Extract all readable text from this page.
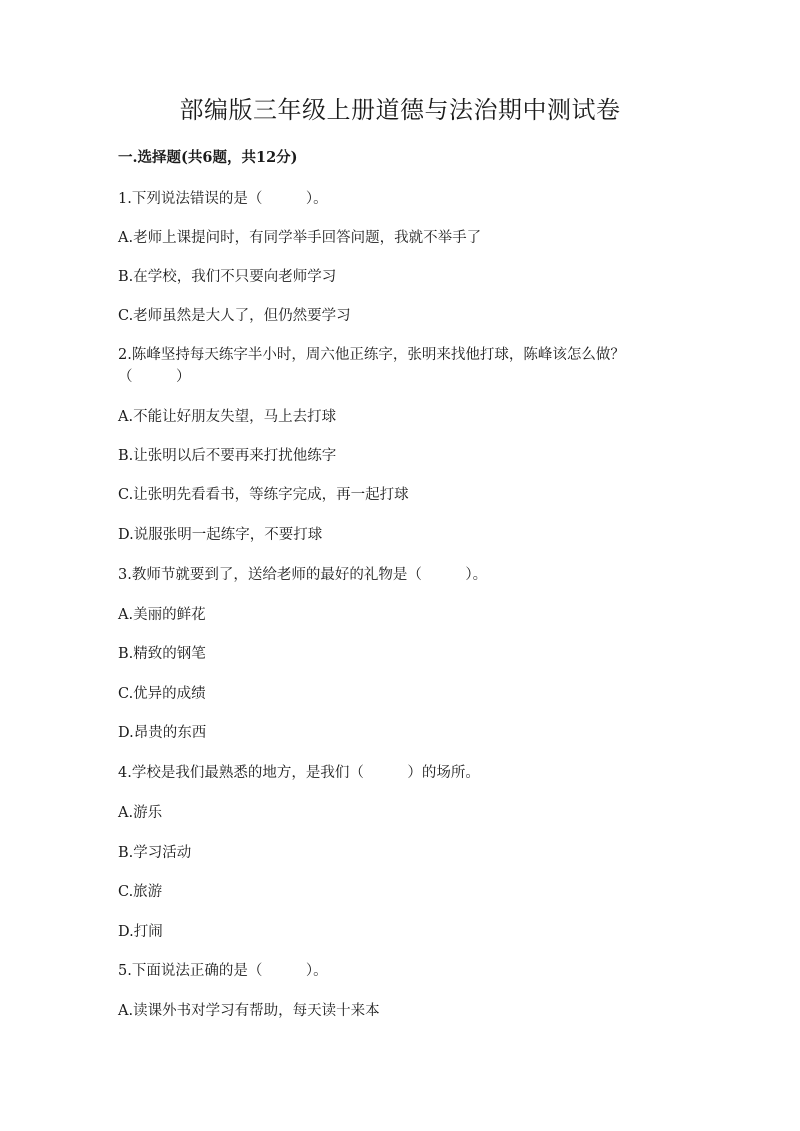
部编版三年级上册道德与法治期中测试卷
一.选择题(共6题，共12分)
1.下列说法错误的是（　　　）。
A.老师上课提问时，有同学举手回答问题，我就不举手了
B.在学校，我们不只要向老师学习
C.老师虽然是大人了，但仍然要学习
2.陈峰坚持每天练字半小时，周六他正练字，张明来找他打球，陈峰该怎么做？（　　　）
A.不能让好朋友失望，马上去打球
B.让张明以后不要再来打扰他练字
C.让张明先看看书，等练字完成，再一起打球
D.说服张明一起练字，不要打球
3.教师节就要到了，送给老师的最好的礼物是（　　　）。
A.美丽的鲜花
B.精致的钢笔
C.优异的成绩
D.昂贵的东西
4.学校是我们最熟悉的地方，是我们（　　　）的场所。
A.游乐
B.学习活动
C.旅游
D.打闹
5.下面说法正确的是（　　　）。
A.读课外书对学习有帮助，每天读十来本
